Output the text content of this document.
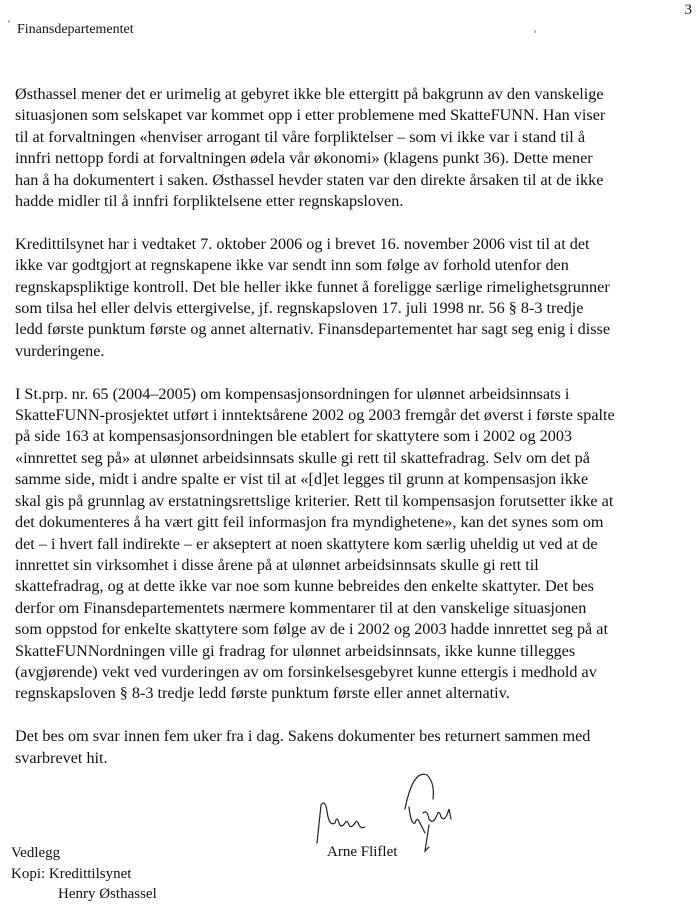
3
Finansdepartementet

Østhassel mener det er urimelig at gebyret ikke ble ettergitt på bakgrunn av den vanskelige
situasjonen som selskapet var kommet opp i etter problemene med SkatteFUNN. Han viser
til at forvaltningen «henviser arrogant til våre forpliktelser – som vi ikke var i stand til å
innfri nettopp fordi at forvaltningen ødela vår økonomi» (klagens punkt 36). Dette mener
han å ha dokumentert i saken. Østhassel hevder staten var den direkte årsaken til at de ikke
hadde midler til å innfri forpliktelsene etter regnskapsloven.

Kredittilsynet har i vedtaket 7. oktober 2006 og i brevet 16. november 2006 vist til at det
ikke var godtgjort at regnskapene ikke var sendt inn som følge av forhold utenfor den
regnskapspliktige kontroll. Det ble heller ikke funnet å foreligge særlige rimelighetsgrunner
som tilsa hel eller delvis ettergivelse, jf. regnskapsloven 17. juli 1998 nr. 56 § 8-3 tredje
ledd første punktum første og annet alternativ. Finansdepartementet har sagt seg enig i disse
vurderingene.

I St.prp. nr. 65 (2004–2005) om kompensasjonsordningen for ulønnet arbeidsinnsats i
SkatteFUNN-prosjektet utført i inntektsårene 2002 og 2003 fremgår det øverst i første spalte
på side 163 at kompensasjonsordningen ble etablert for skattytere som i 2002 og 2003
«innrettet seg på» at ulønnet arbeidsinnsats skulle gi rett til skattefradrag. Selv om det på
samme side, midt i andre spalte er vist til at «[d]et legges til grunn at kompensasjon ikke
skal gis på grunnlag av erstatningsrettslige kriterier. Rett til kompensasjon forutsetter ikke at
det dokumenteres å ha vært gitt feil informasjon fra myndighetene», kan det synes som om
det – i hvert fall indirekte – er akseptert at noen skattytere kom særlig uheldig ut ved at de
innrettet sin virksomhet i disse årene på at ulønnet arbeidsinnsats skulle gi rett til
skattefradrag, og at dette ikke var noe som kunne bebreides den enkelte skattyter. Det bes
derfor om Finansdepartementets nærmere kommentarer til at den vanskelige situasjonen
som oppstod for enkelte skattytere som følge av de i 2002 og 2003 hadde innrettet seg på at
SkatteFUNNordningen ville gi fradrag for ulønnet arbeidsinnsats, ikke kunne tillegges
(avgjørende) vekt ved vurderingen av om forsinkelsesgebyret kunne ettergis i medhold av
regnskapsloven § 8-3 tredje ledd første punktum første eller annet alternativ.

Det bes om svar innen fem uker fra i dag. Sakens dokumenter bes returnert sammen med
svarbrevet hit.

Arne Fliflet
Vedlegg
Kopi: Kredittilsynet
Henry Østhassel
